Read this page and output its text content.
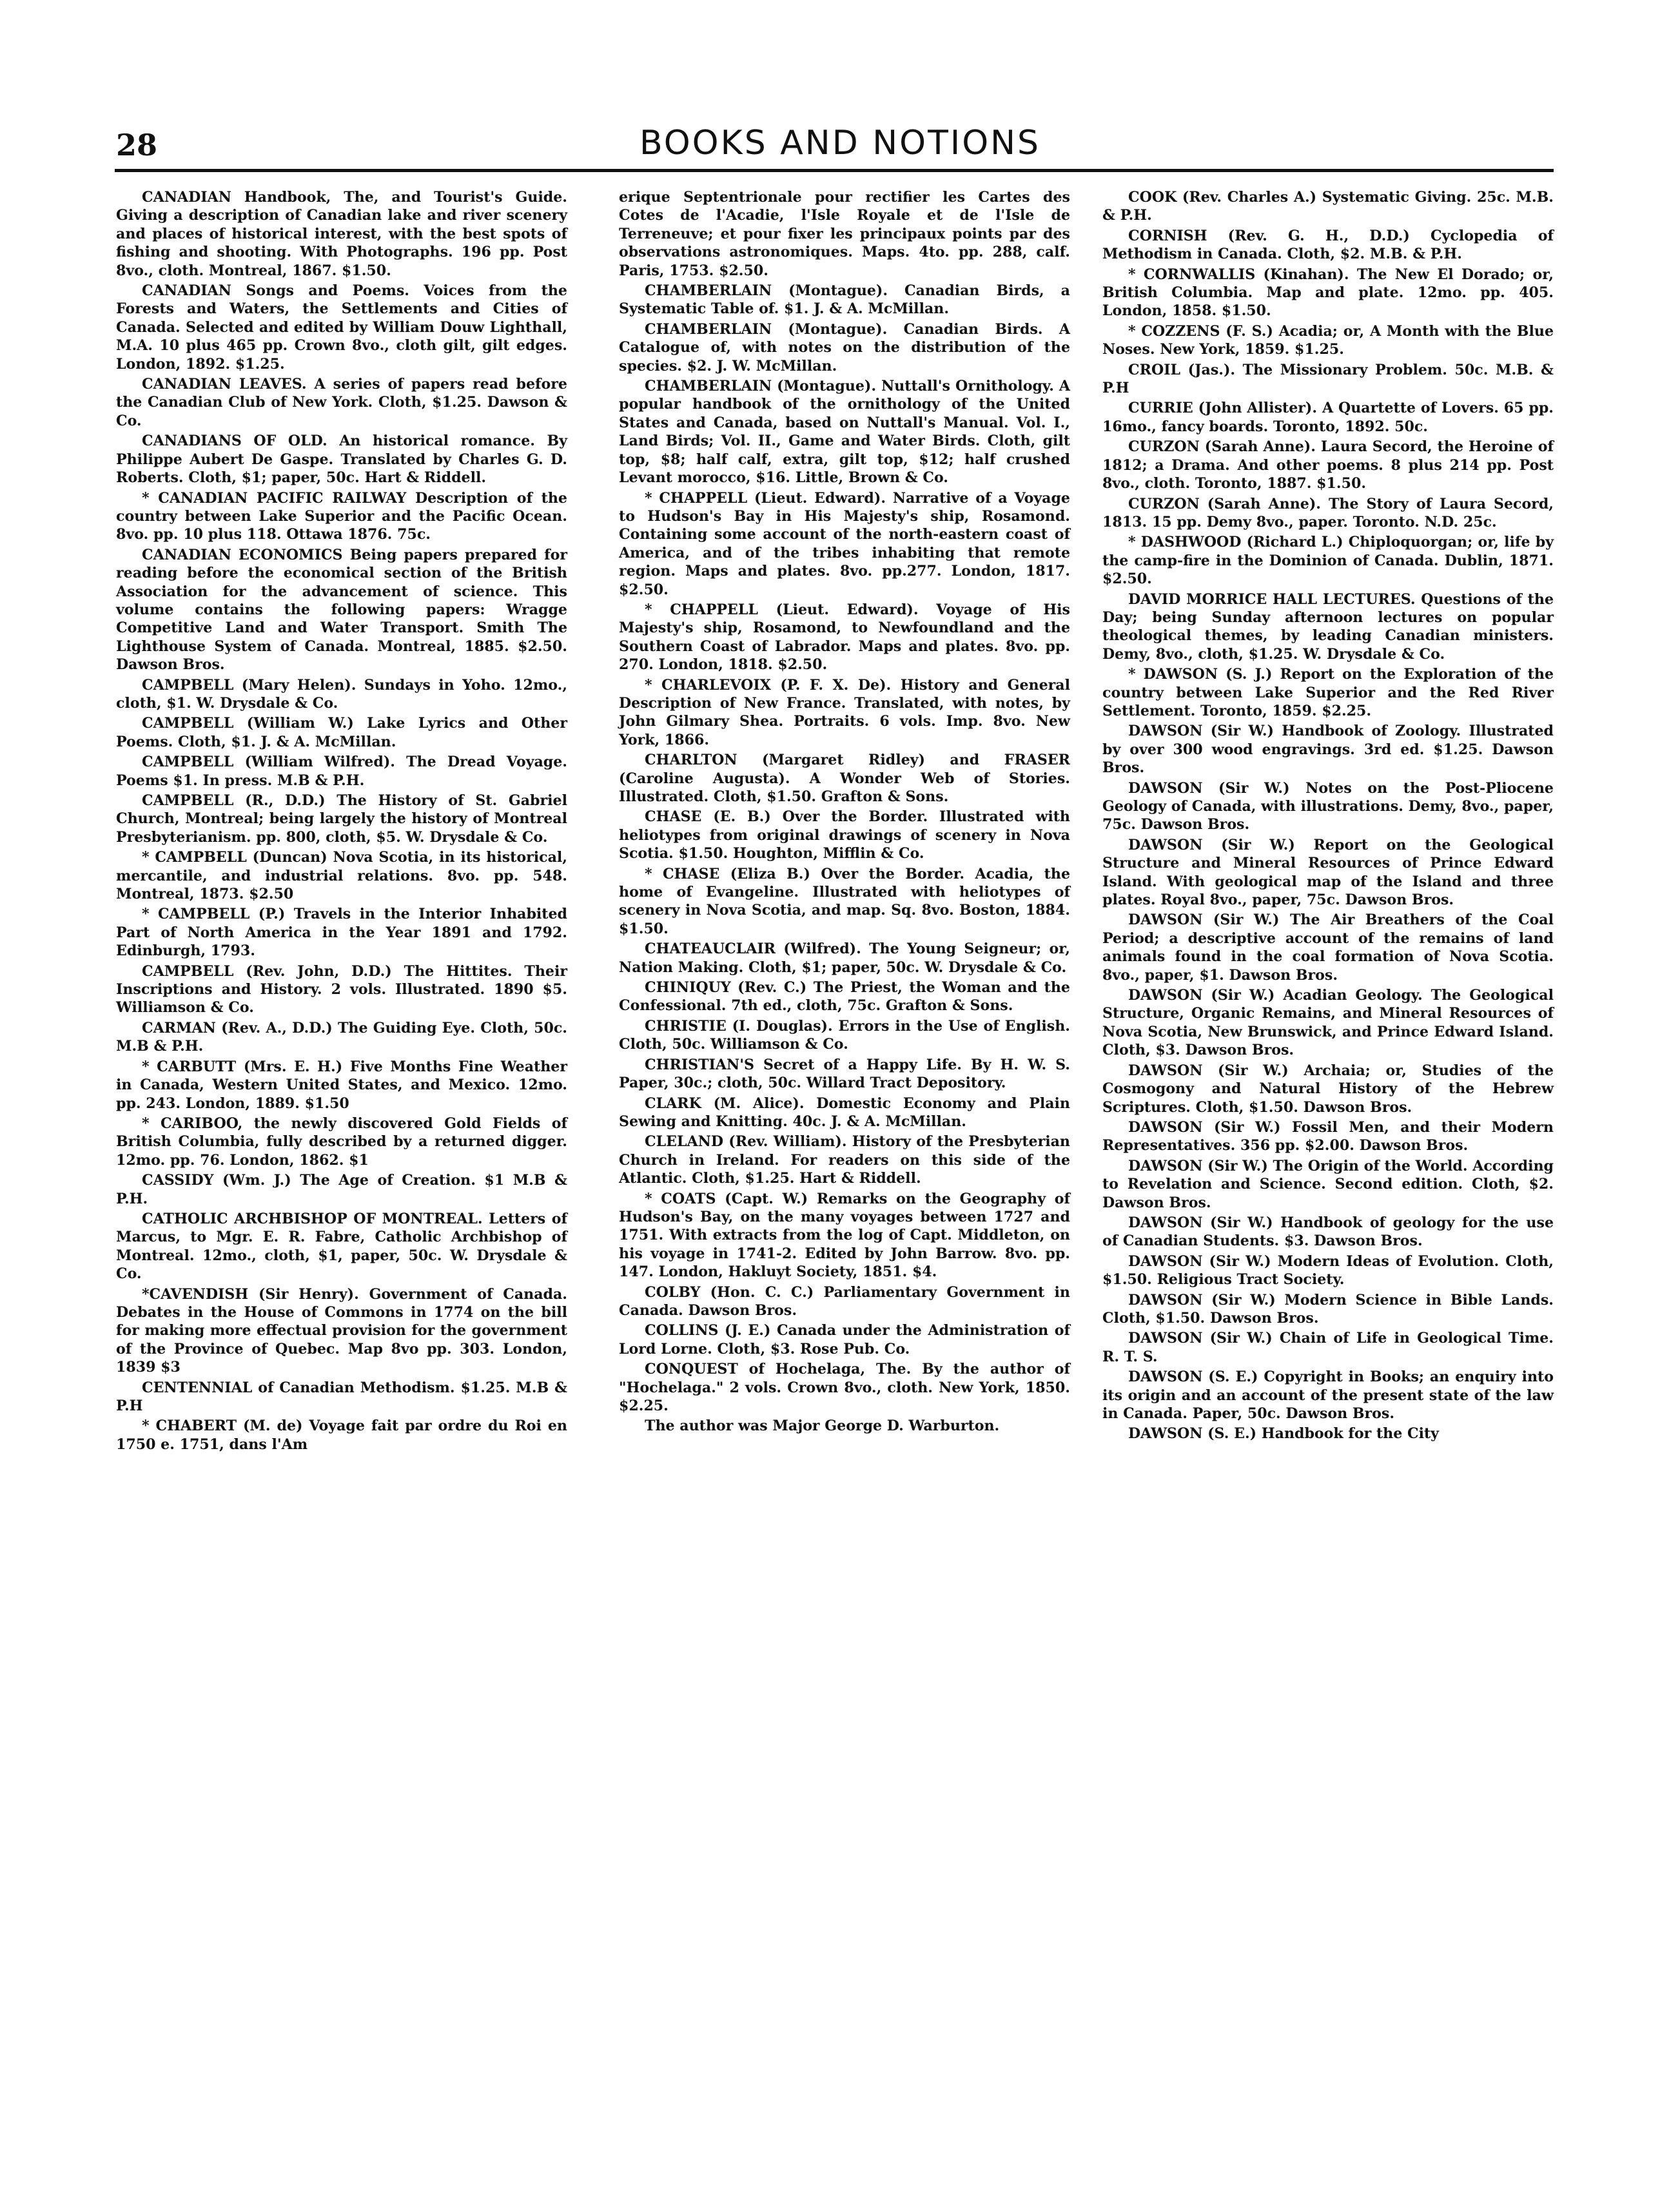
28	BOOKS AND NOTIONS

CANADIAN Handbook, The, and Tourist's Guide. Giving a description of Canadian lake and river scenery and places of historical interest, with the best spots of fishing and shooting. With Photographs. 196 pp. Post 8vo., cloth. Montreal, 1867. $1.50.

CANADIAN Songs and Poems. Voices from the Forests and Waters, the Settlements and Cities of Canada. Selected and edited by William Douw Lighthall, M.A. 10 plus 465 pp. Crown 8vo., cloth gilt, gilt edges. London, 1892. $1.25.

CANADIAN LEAVES. A series of papers read before the Canadian Club of New York. Cloth, $1.25. Dawson & Co.

CANADIANS OF OLD. An historical romance. By Philippe Aubert De Gaspe. Translated by Charles G. D. Roberts. Cloth, $1; paper, 50c. Hart & Riddell.

* CANADIAN PACIFIC RAILWAY Description of the country between Lake Superior and the Pacific Ocean. 8vo. pp. 10 plus 118. Ottawa 1876. 75c.

CANADIAN ECONOMICS Being papers prepared for reading before the economical section of the British Association for the advancement of science. This volume contains the following papers: Wragge Competitive Land and Water Transport. Smith The Lighthouse System of Canada. Montreal, 1885. $2.50. Dawson Bros.

CAMPBELL (Mary Helen). Sundays in Yoho. 12mo., cloth, $1. W. Drysdale & Co.

CAMPBELL (William W.) Lake Lyrics and Other Poems. Cloth, $1. J. & A. McMillan.

CAMPBELL (William Wilfred). The Dread Voyage. Poems $1. In press. M.B & P.H.

CAMPBELL (R., D.D.) The History of St. Gabriel Church, Montreal; being largely the history of Montreal Presbyterianism. pp. 800, cloth, $5. W. Drysdale & Co.

* CAMPBELL (Duncan) Nova Scotia, in its historical, mercantile, and industrial relations. 8vo. pp. 548. Montreal, 1873. $2.50

* CAMPBELL (P.) Travels in the Interior Inhabited Part of North America in the Year 1891 and 1792. Edinburgh, 1793.

CAMPBELL (Rev. John, D.D.) The Hittites. Their Inscriptions and History. 2 vols. Illustrated. 1890 $5. Williamson & Co.

CARMAN (Rev. A., D.D.) The Guiding Eye. Cloth, 50c. M.B & P.H.

* CARBUTT (Mrs. E. H.) Five Months Fine Weather in Canada, Western United States, and Mexico. 12mo. pp. 243. London, 1889. $1.50

* CARIBOO, the newly discovered Gold Fields of British Columbia, fully described by a returned digger. 12mo. pp. 76. London, 1862. $1

CASSIDY (Wm. J.) The Age of Creation. $1 M.B & P.H.

CATHOLIC ARCHBISHOP OF MONTREAL. Letters of Marcus, to Mgr. E. R. Fabre, Catholic Archbishop of Montreal. 12mo., cloth, $1, paper, 50c. W. Drysdale & Co.

*CAVENDISH (Sir Henry). Government of Canada. Debates in the House of Commons in 1774 on the bill for making more effectual provision for the government of the Province of Quebec. Map 8vo pp. 303. London, 1839 $3

CENTENNIAL of Canadian Methodism. $1.25. M.B & P.H

* CHABERT (M. de) Voyage fait par ordre du Roi en 1750 e. 1751, dans l'Am

erique Septentrionale pour rectifier les Cartes des Cotes de l'Acadie, l'Isle Royale et de l'Isle de Terreneuve; et pour fixer les principaux points par des observations astronomiques. Maps. 4to. pp. 288, calf. Paris, 1753. $2.50.

CHAMBERLAIN (Montague). Canadian Birds, a Systematic Table of. $1. J. & A. McMillan.

CHAMBERLAIN (Montague). Canadian Birds. A Catalogue of, with notes on the distribution of the species. $2. J. W. McMillan.

CHAMBERLAIN (Montague). Nuttall's Ornithology. A popular handbook of the ornithology of the United States and Canada, based on Nuttall's Manual. Vol. I., Land Birds; Vol. II., Game and Water Birds. Cloth, gilt top, $8; half calf, extra, gilt top, $12; half crushed Levant morocco, $16. Little, Brown & Co.

* CHAPPELL (Lieut. Edward). Narrative of a Voyage to Hudson's Bay in His Majesty's ship, Rosamond. Containing some account of the north-eastern coast of America, and of the tribes inhabiting that remote region. Maps and plates. 8vo. pp.277. London, 1817. $2.50.

* CHAPPELL (Lieut. Edward). Voyage of His Majesty's ship, Rosamond, to Newfoundland and the Southern Coast of Labrador. Maps and plates. 8vo. pp. 270. London, 1818. $2.50.

* CHARLEVOIX (P. F. X. De). History and General Description of New France. Translated, with notes, by John Gilmary Shea. Portraits. 6 vols. Imp. 8vo. New York, 1866.

CHARLTON (Margaret Ridley) and FRASER (Caroline Augusta). A Wonder Web of Stories. Illustrated. Cloth, $1.50. Grafton & Sons.

CHASE (E. B.) Over the Border. Illustrated with heliotypes from original drawings of scenery in Nova Scotia. $1.50. Houghton, Mifflin & Co.

* CHASE (Eliza B.) Over the Border. Acadia, the home of Evangeline. Illustrated with heliotypes of scenery in Nova Scotia, and map. Sq. 8vo. Boston, 1884. $1.50.

CHATEAUCLAIR (Wilfred). The Young Seigneur; or, Nation Making. Cloth, $1; paper, 50c. W. Drysdale & Co.

CHINIQUY (Rev. C.) The Priest, the Woman and the Confessional. 7th ed., cloth, 75c. Grafton & Sons.

CHRISTIE (I. Douglas). Errors in the Use of English. Cloth, 50c. Williamson & Co.

CHRISTIAN'S Secret of a Happy Life. By H. W. S. Paper, 30c.; cloth, 50c. Willard Tract Depository.

CLARK (M. Alice). Domestic Economy and Plain Sewing and Knitting. 40c. J. & A. McMillan.

CLELAND (Rev. William). History of the Presbyterian Church in Ireland. For readers on this side of the Atlantic. Cloth, $1.25. Hart & Riddell.

* COATS (Capt. W.) Remarks on the Geography of Hudson's Bay, on the many voyages between 1727 and 1751. With extracts from the log of Capt. Middleton, on his voyage in 1741-2. Edited by John Barrow. 8vo. pp. 147. London, Hakluyt Society, 1851. $4.

COLBY (Hon. C. C.) Parliamentary Government in Canada. Dawson Bros.

COLLINS (J. E.) Canada under the Administration of Lord Lorne. Cloth, $3. Rose Pub. Co.

CONQUEST of Hochelaga, The. By the author of "Hochelaga." 2 vols. Crown 8vo., cloth. New York, 1850. $2.25.

The author was Major George D. Warburton.

COOK (Rev. Charles A.) Systematic Giving. 25c. M.B. & P.H.

CORNISH (Rev. G. H., D.D.) Cyclopedia of Methodism in Canada. Cloth, $2. M.B. & P.H.

* CORNWALLIS (Kinahan). The New El Dorado; or, British Columbia. Map and plate. 12mo. pp. 405. London, 1858. $1.50.

* COZZENS (F. S.) Acadia; or, A Month with the Blue Noses. New York, 1859. $1.25.

CROIL (Jas.). The Missionary Problem. 50c. M.B. & P.H

CURRIE (John Allister). A Quartette of Lovers. 65 pp. 16mo., fancy boards. Toronto, 1892. 50c.

CURZON (Sarah Anne). Laura Secord, the Heroine of 1812; a Drama. And other poems. 8 plus 214 pp. Post 8vo., cloth. Toronto, 1887. $1.50.

CURZON (Sarah Anne). The Story of Laura Secord, 1813. 15 pp. Demy 8vo., paper. Toronto. N.D. 25c.

* DASHWOOD (Richard L.) Chiploquorgan; or, life by the camp-fire in the Dominion of Canada. Dublin, 1871. $2.50.

DAVID MORRICE HALL LECTURES. Questions of the Day; being Sunday afternoon lectures on popular theological themes, by leading Canadian ministers. Demy, 8vo., cloth, $1.25. W. Drysdale & Co.

* DAWSON (S. J.) Report on the Exploration of the country between Lake Superior and the Red River Settlement. Toronto, 1859. $2.25.

DAWSON (Sir W.) Handbook of Zoology. Illustrated by over 300 wood engravings. 3rd ed. $1.25. Dawson Bros.

DAWSON (Sir W.) Notes on the Post-Pliocene Geology of Canada, with illustrations. Demy, 8vo., paper, 75c. Dawson Bros.

DAWSON (Sir W.) Report on the Geological Structure and Mineral Resources of Prince Edward Island. With geological map of the Island and three plates. Royal 8vo., paper, 75c. Dawson Bros.

DAWSON (Sir W.) The Air Breathers of the Coal Period; a descriptive account of the remains of land animals found in the coal formation of Nova Scotia. 8vo., paper, $1. Dawson Bros.

DAWSON (Sir W.) Acadian Geology. The Geological Structure, Organic Remains, and Mineral Resources of Nova Scotia, New Brunswick, and Prince Edward Island. Cloth, $3. Dawson Bros.

DAWSON (Sir W.) Archaia; or, Studies of the Cosmogony and Natural History of the Hebrew Scriptures. Cloth, $1.50. Dawson Bros.

DAWSON (Sir W.) Fossil Men, and their Modern Representatives. 356 pp. $2.00. Dawson Bros.

DAWSON (Sir W.) The Origin of the World. According to Revelation and Science. Second edition. Cloth, $2. Dawson Bros.

DAWSON (Sir W.) Handbook of geology for the use of Canadian Students. $3. Dawson Bros.

DAWSON (Sir W.) Modern Ideas of Evolution. Cloth, $1.50. Religious Tract Society.

DAWSON (Sir W.) Modern Science in Bible Lands. Cloth, $1.50. Dawson Bros.

DAWSON (Sir W.) Chain of Life in Geological Time. R. T. S.

DAWSON (S. E.) Copyright in Books; an enquiry into its origin and an account of the present state of the law in Canada. Paper, 50c. Dawson Bros.

DAWSON (S. E.) Handbook for the City
